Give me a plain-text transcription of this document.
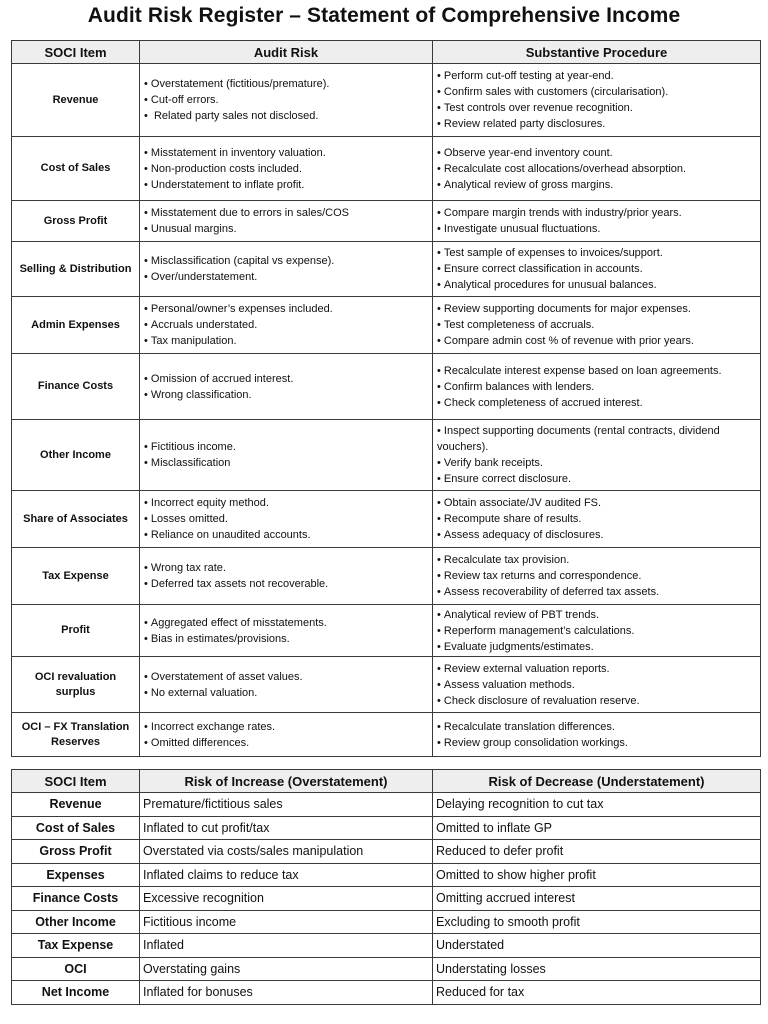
Audit Risk Register – Statement of Comprehensive Income
SOCI Item	Audit Risk	Substantive Procedure
Revenue	• Overstatement (fictitious/premature).
• Cut-off errors.
•  Related party sales not disclosed.	• Perform cut-off testing at year-end.
• Confirm sales with customers (circularisation).
• Test controls over revenue recognition.
• Review related party disclosures.

Cost of Sales	• Misstatement in inventory valuation.
• Non-production costs included.
• Understatement to inflate profit.	• Observe year-end inventory count.
• Recalculate cost allocations/overhead absorption.
• Analytical review of gross margins.

Gross Profit	• Misstatement due to errors in sales/COS
• Unusual margins.	• Compare margin trends with industry/prior years.
• Investigate unusual fluctuations.

Selling & Distribution	• Misclassification (capital vs expense).
• Over/understatement.	• Test sample of expenses to invoices/support.
• Ensure correct classification in accounts.
• Analytical procedures for unusual balances.

Admin Expenses	• Personal/owner’s expenses included.
• Accruals understated.
• Tax manipulation.	• Review supporting documents for major expenses.
• Test completeness of accruals.
• Compare admin cost % of revenue with prior years.

Finance Costs	• Omission of accrued interest.
• Wrong classification.	• Recalculate interest expense based on loan agreements.
• Confirm balances with lenders.
• Check completeness of accrued interest.

Other Income	• Fictitious income.
• Misclassification	• Inspect supporting documents (rental contracts, dividend vouchers).
• Verify bank receipts.
• Ensure correct disclosure.

Share of Associates	• Incorrect equity method.
• Losses omitted.
• Reliance on unaudited accounts.	• Obtain associate/JV audited FS.
• Recompute share of results.
• Assess adequacy of disclosures.

Tax Expense	• Wrong tax rate.
• Deferred tax assets not recoverable.	• Recalculate tax provision.
• Review tax returns and correspondence.
• Assess recoverability of deferred tax assets.

Profit	• Aggregated effect of misstatements.
• Bias in estimates/provisions.	• Analytical review of PBT trends.
• Reperform management’s calculations.
• Evaluate judgments/estimates.

OCI revaluation surplus	• Overstatement of asset values.
• No external valuation.	• Review external valuation reports.
• Assess valuation methods.
• Check disclosure of revaluation reserve.

OCI – FX Translation Reserves	• Incorrect exchange rates.
• Omitted differences.	• Recalculate translation differences.
• Review group consolidation workings.
SOCI Item	Risk of Increase (Overstatement)	Risk of Decrease (Understatement)
Revenue	Premature/fictitious sales	Delaying recognition to cut tax
Cost of Sales	Inflated to cut profit/tax	Omitted to inflate GP
Gross Profit	Overstated via costs/sales manipulation	Reduced to defer profit
Expenses	Inflated claims to reduce tax	Omitted to show higher profit
Finance Costs	Excessive recognition	Omitting accrued interest
Other Income	Fictitious income	Excluding to smooth profit
Tax Expense	Inflated	Understated
OCI	Overstating gains	Understating losses
Net Income	Inflated for bonuses	Reduced for tax
